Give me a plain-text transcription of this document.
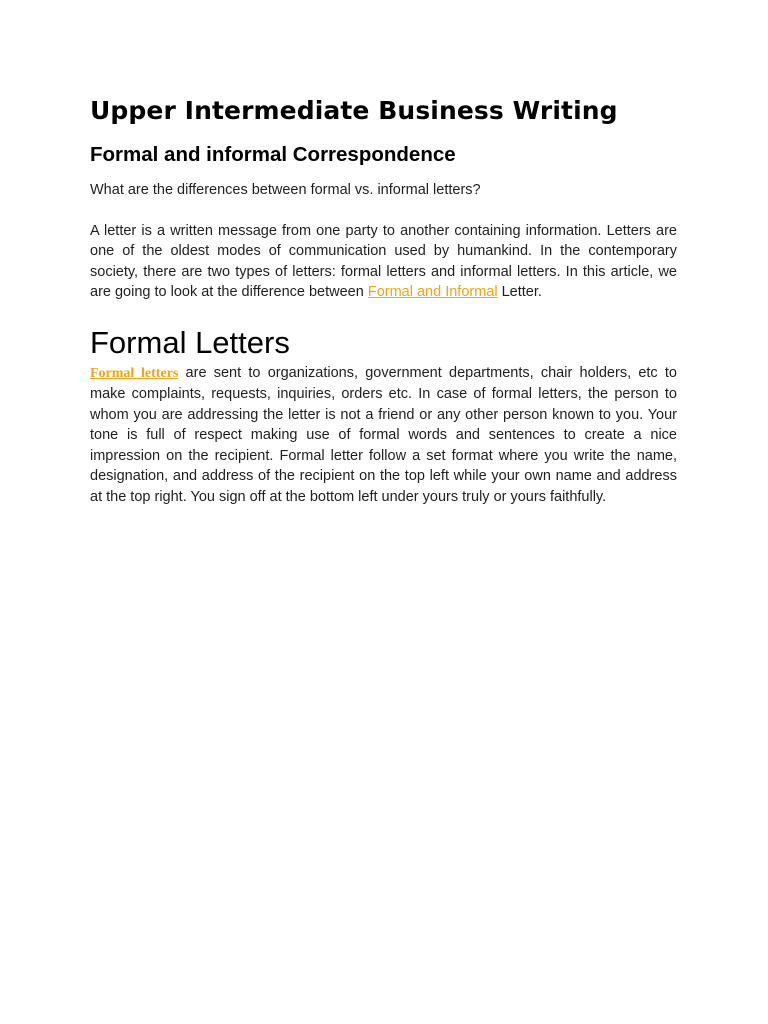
Upper Intermediate Business Writing
Formal and informal Correspondence

What are the differences between formal vs. informal letters?

A letter is a written message from one party to another containing information. Letters are one of the oldest modes of communication used by humankind. In the contemporary society, there are two types of letters: formal letters and informal letters. In this article, we are going to look at the difference between Formal and Informal Letter.

Formal Letters

Formal letters are sent to organizations, government departments, chair holders, etc to make complaints, requests, inquiries, orders etc. In case of formal letters, the person to whom you are addressing the letter is not a friend or any other person known to you. Your tone is full of respect making use of formal words and sentences to create a nice impression on the recipient. Formal letter follow a set format where you write the name, designation, and address of the recipient on the top left while your own name and address at the top right. You sign off at the bottom left under yours truly or yours faithfully.
